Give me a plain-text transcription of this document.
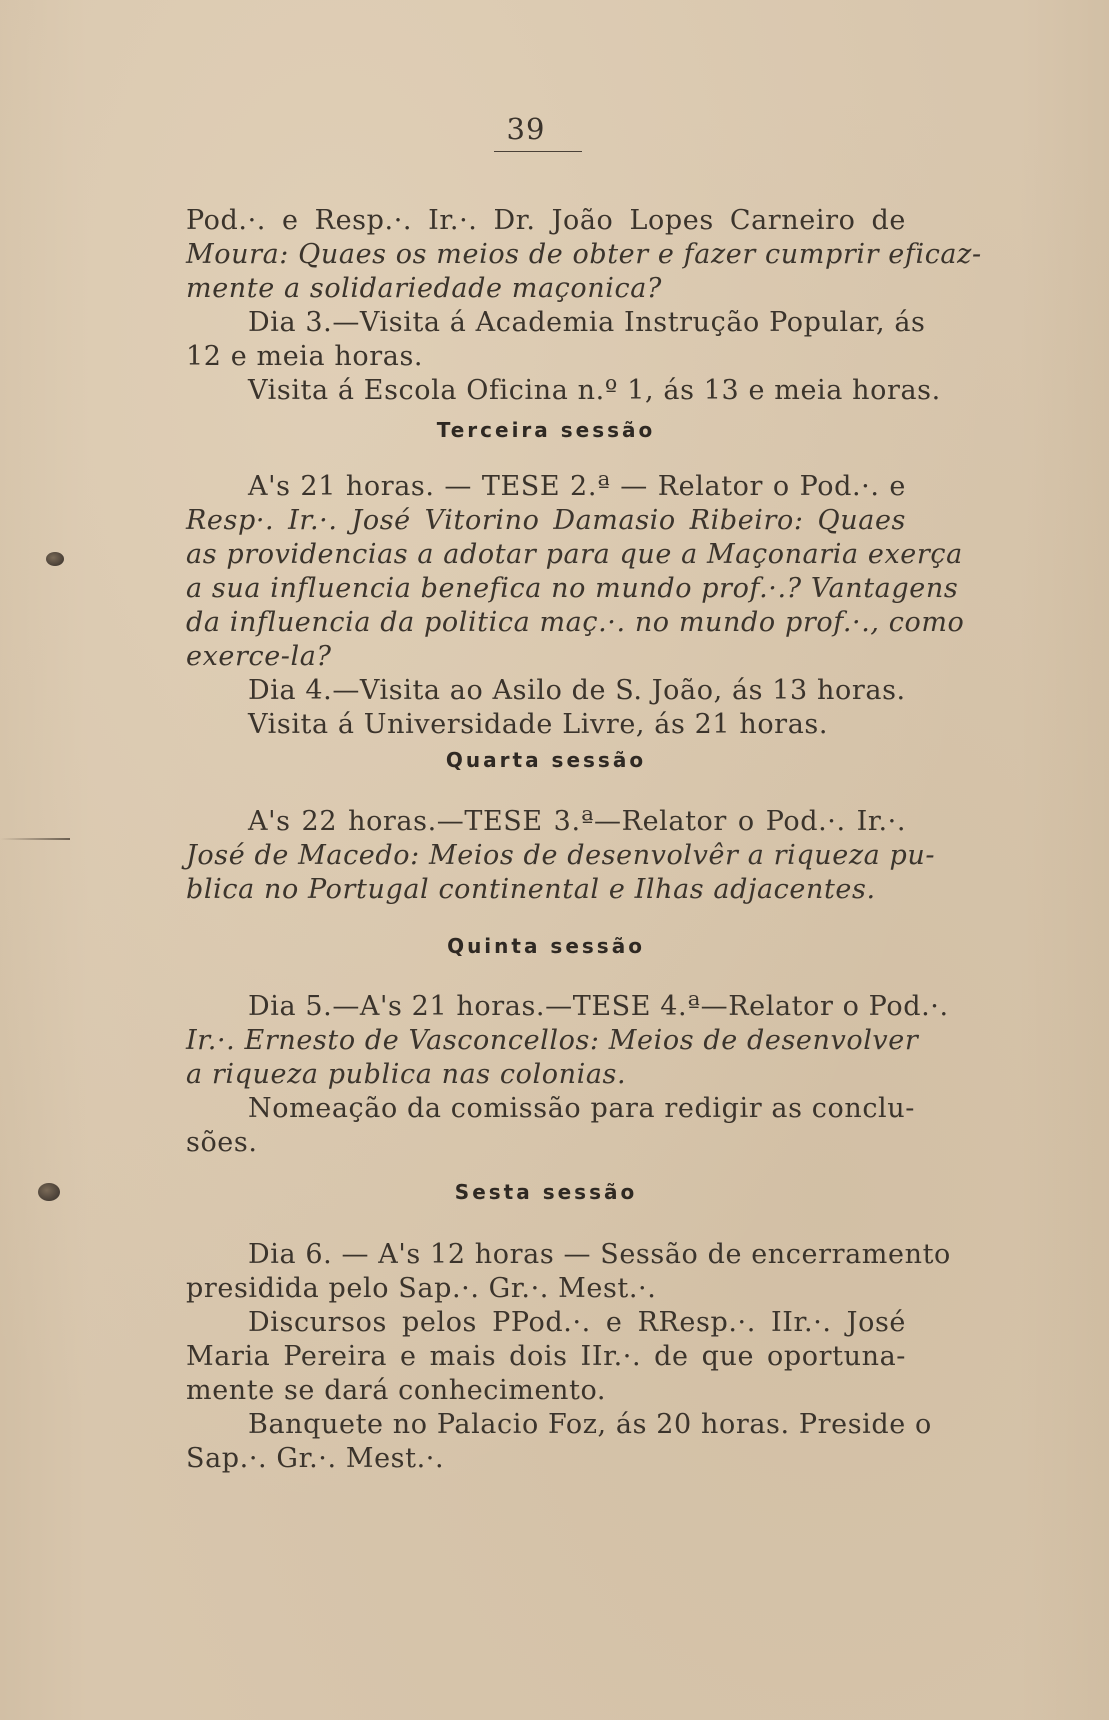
39
Pod.·. e Resp.·. Ir.·. Dr. João Lopes Carneiro de
Moura: Quaes os meios de obter e fazer cumprir eficaz-
mente a solidariedade maçonica?
Dia 3.—Visita á Academia Instrução Popular, ás
12 e meia horas.
Visita á Escola Oficina n.º 1, ás 13 e meia horas.
Terceira sessão
A's 21 horas. — TESE 2.ª — Relator o Pod.·. e
Resp·. Ir.·. José Vitorino Damasio Ribeiro: Quaes
as providencias a adotar para que a Maçonaria exerça
a sua influencia benefica no mundo prof.·.? Vantagens
da influencia da politica maç.·. no mundo prof.·., como
exerce-la?
Dia 4.—Visita ao Asilo de S. João, ás 13 horas.
Visita á Universidade Livre, ás 21 horas.
Quarta sessão
A's 22 horas.—TESE 3.ª—Relator o Pod.·. Ir.·.
José de Macedo: Meios de desenvolvêr a riqueza pu-
blica no Portugal continental e Ilhas adjacentes.
Quinta sessão
Dia 5.—A's 21 horas.—TESE 4.ª—Relator o Pod.·.
Ir.·. Ernesto de Vasconcellos: Meios de desenvolver
a riqueza publica nas colonias.
Nomeação da comissão para redigir as conclu-
sões.
Sesta sessão
Dia 6. — A's 12 horas — Sessão de encerramento
presidida pelo Sap.·. Gr.·. Mest.·.
Discursos pelos PPod.·. e RResp.·. IIr.·. José
Maria Pereira e mais dois IIr.·. de que oportuna-
mente se dará conhecimento.
Banquete no Palacio Foz, ás 20 horas. Preside o
Sap.·. Gr.·. Mest.·.
